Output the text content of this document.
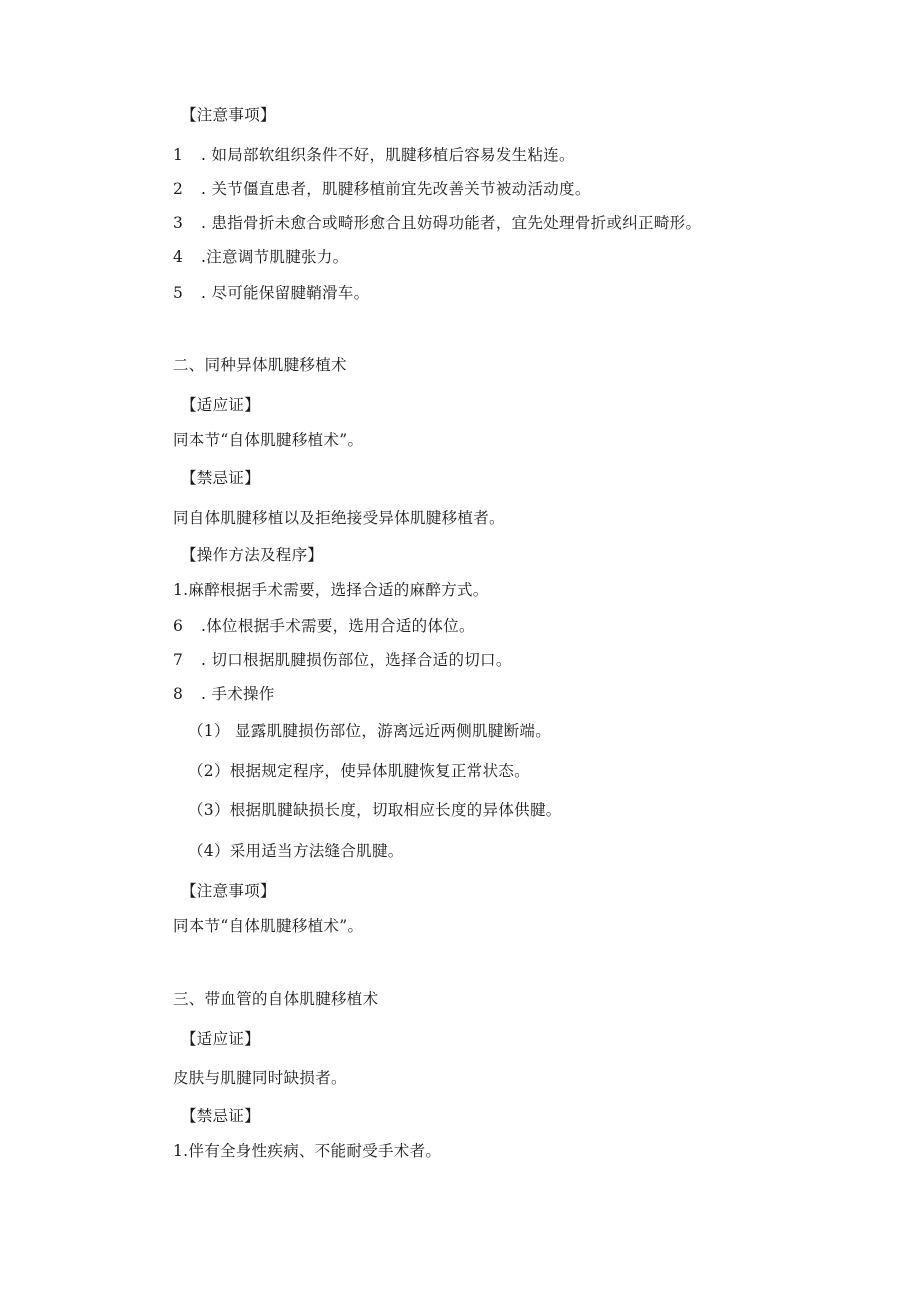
【注意事项】
1 . 如局部软组织条件不好，肌腱移植后容易发生粘连。
2 . 关节僵直患者，肌腱移植前宜先改善关节被动活动度。
3 . 患指骨折未愈合或畸形愈合且妨碍功能者，宜先处理骨折或纠正畸形。
4 .注意调节肌腱张力。
5 . 尽可能保留腱鞘滑车。
二、同种异体肌腱移植术
【适应证】
同本节“自体肌腱移植术”。
【禁忌证】
同自体肌腱移植以及拒绝接受异体肌腱移植者。
【操作方法及程序】
1.麻醉根据手术需要，选择合适的麻醉方式。
6 .体位根据手术需要，选用合适的体位。
7 . 切口根据肌腱损伤部位，选择合适的切口。
8 . 手术操作
（1） 显露肌腱损伤部位，游离远近两侧肌腱断端。
（2）根据规定程序，使异体肌腱恢复正常状态。
（3）根据肌腱缺损长度，切取相应长度的异体供腱。
（4）采用适当方法缝合肌腱。
【注意事项】
同本节“自体肌腱移植术”。
三、带血管的自体肌腱移植术
【适应证】
皮肤与肌腱同时缺损者。
【禁忌证】
1.伴有全身性疾病、不能耐受手术者。
